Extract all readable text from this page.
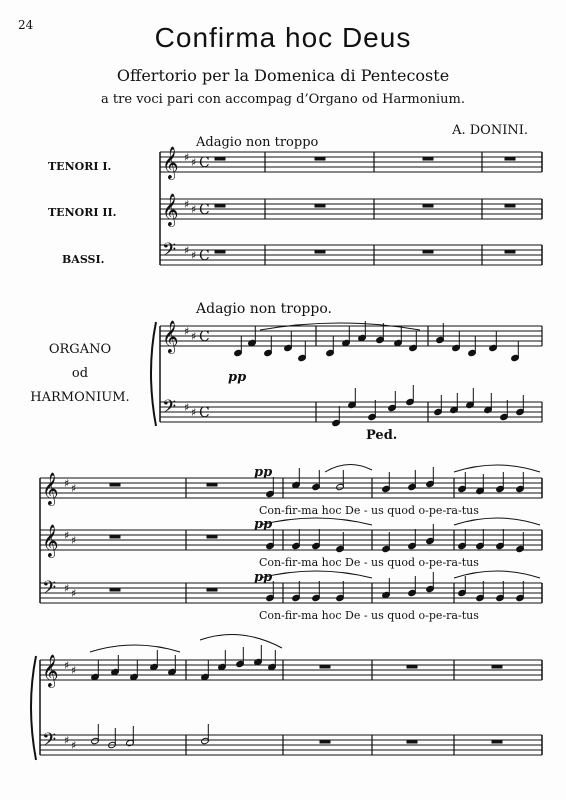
24	Confirma hoc Deus
Offertorio per la Domenica di Pentecoste
a tre voci pari con accompag d’Organo od Harmonium.
A. DONINI.
Adagio non troppo
Adagio non troppo.
TENORI I.
TENORI II.
BASSI.
ORGANO
od
HARMONIUM.
pp
Ped.
pp
pp
pp
Con-fir-ma hoc De - us quod o-pe-ra-tus
Con-fir-ma hoc De - us quod o-pe-ra-tus
Con-fir-ma hoc De - us quod o-pe-ra-tus
𝄞 ♯ ♯ C
𝄞 ♯ ♯ C
𝄢 ♯ ♯ C
𝄞 ♯ ♯ C
𝄢 ♯ ♯ C
𝄞 ♯ ♯
𝄞 ♯ ♯
𝄢 ♯ ♯
𝄞 ♯ ♯
𝄢 ♯ ♯
